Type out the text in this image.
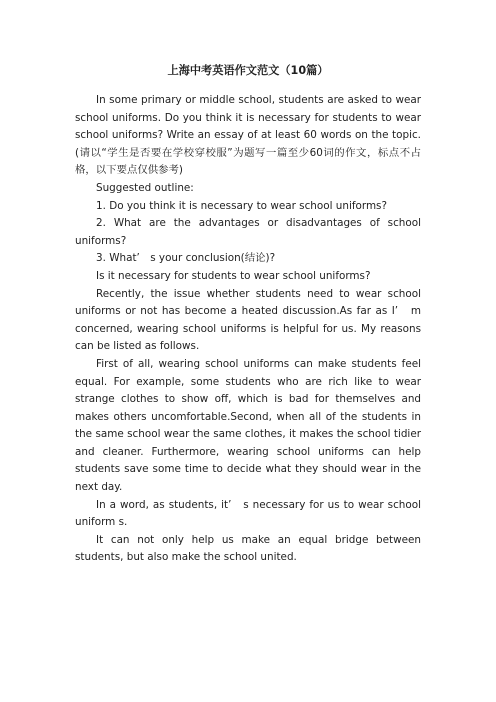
上海中考英语作文范文（10篇）

In some primary or middle school, students are asked to wear school uniforms. Do you think it is necessary for students to wear school uniforms? Write an essay of at least 60 words on the topic. (请以“学生是否要在学校穿校服”为题写一篇至少60词的作文，标点不占格，以下要点仅供参考)

Suggested outline:

1. Do you think it is necessary to wear school uniforms?

2. What are the advantages or disadvantages of school uniforms?

3. What’　s your conclusion(结论)?

Is it necessary for students to wear school uniforms?

Recently, the issue whether students need to wear school uniforms or not has become a heated discussion.As far as I’　m concerned, wearing school uniforms is helpful for us. My reasons can be listed as follows.

First of all, wearing school uniforms can make students feel equal. For example, some students who are rich like to wear strange clothes to show off, which is bad for themselves and makes others uncomfortable.Second, when all of the students in the same school wear the same clothes, it makes the school tidier and cleaner. Furthermore, wearing school uniforms can help students save some time to decide what they should wear in the next day.

In a word, as students, it’　s necessary for us to wear school uniform s.

It can not only help us make an equal bridge between students, but also make the school united.
